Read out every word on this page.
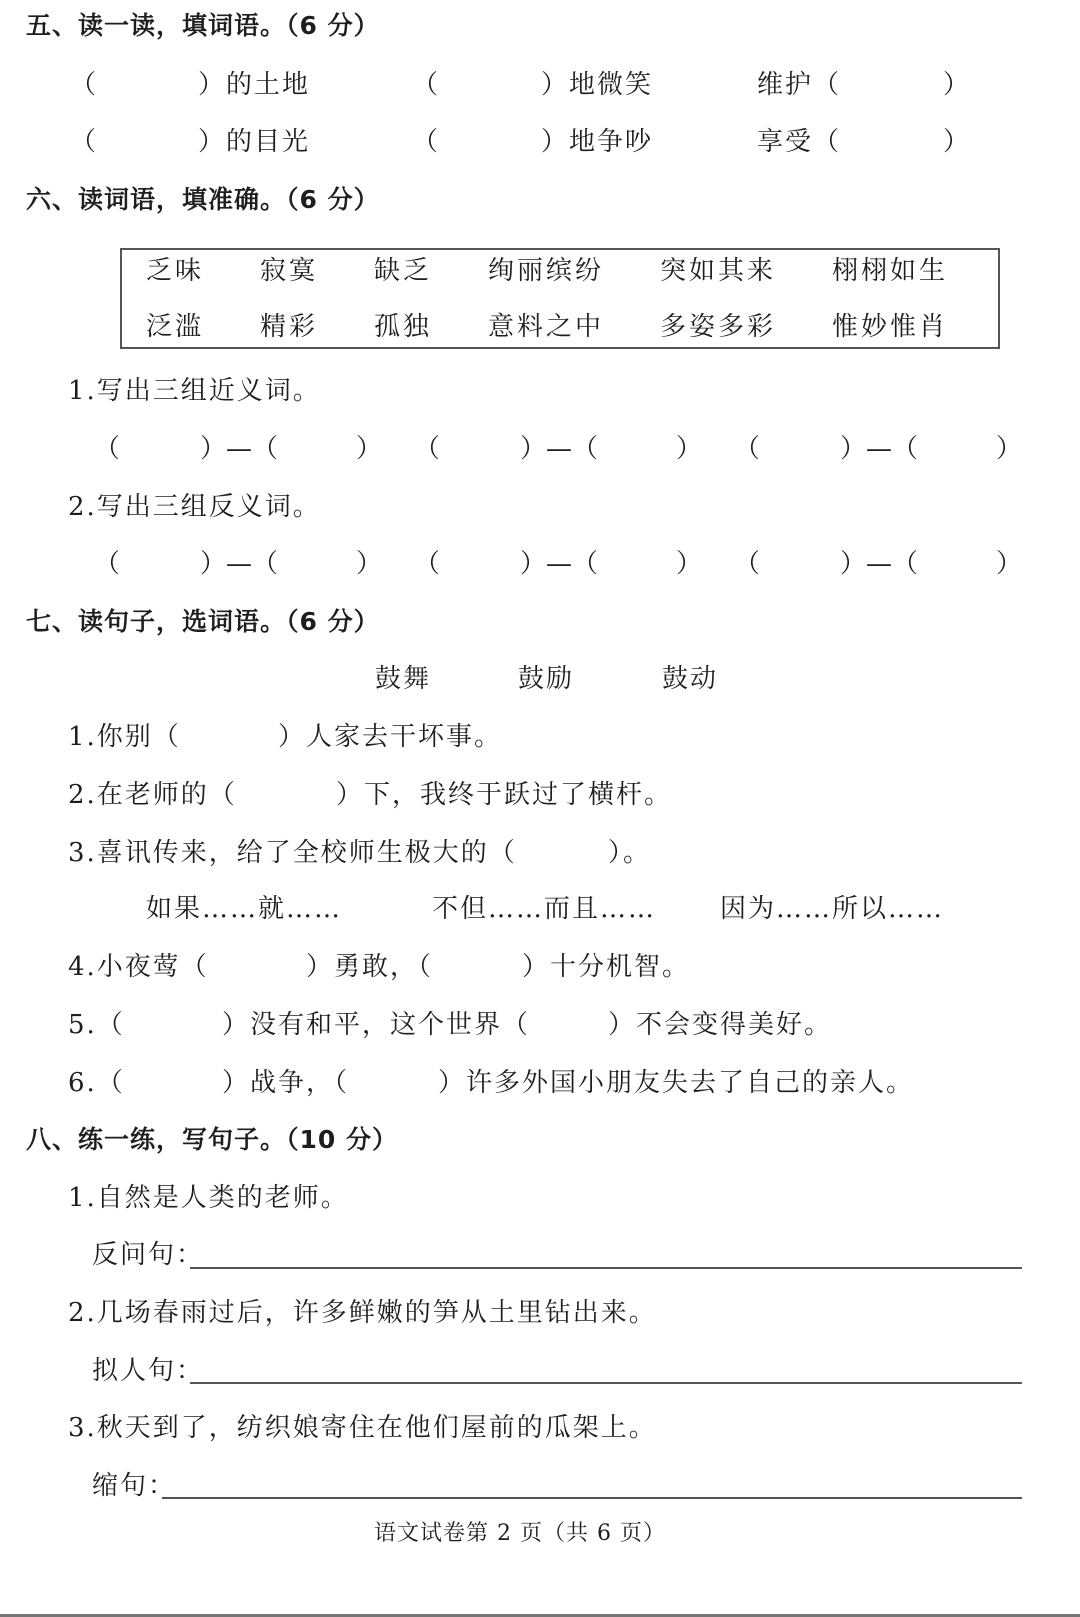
五、读一读，填词语。（6 分）
（	）的土地	（	）地微笑	维护（	）
（	）的目光	（	）地争吵	享受（	）
六、读词语，填准确。（6 分）
乏味 寂寞 缺乏 绚丽缤纷 突如其来 栩栩如生
泛滥 精彩 孤独 意料之中 多姿多彩 惟妙惟肖
1.写出三组近义词。
（	）—（	） （	）—（	） （	）—（	）
2.写出三组反义词。
（	）—（	） （	）—（	） （	）—（	）
七、读句子，选词语。（6 分）
鼓舞	鼓励	鼓动
1.你别（	）人家去干坏事。
2.在老师的（	）下，我终于跃过了横杆。
3.喜讯传来，给了全校师生极大的（	）。
如果……就……	不但……而且…… 因为……所以……
4.小夜莺（	）勇敢，（	）十分机智。
5.（	）没有和平，这个世界（	）不会变得美好。
6.（	）战争，（	）许多外国小朋友失去了自己的亲人。
八、练一练，写句子。（10 分）
1.自然是人类的老师。
反问句：
2.几场春雨过后，许多鲜嫩的笋从土里钻出来。
拟人句：
3.秋天到了，纺织娘寄住在他们屋前的瓜架上。
缩句：
语文试卷第 2 页（共 6 页）
